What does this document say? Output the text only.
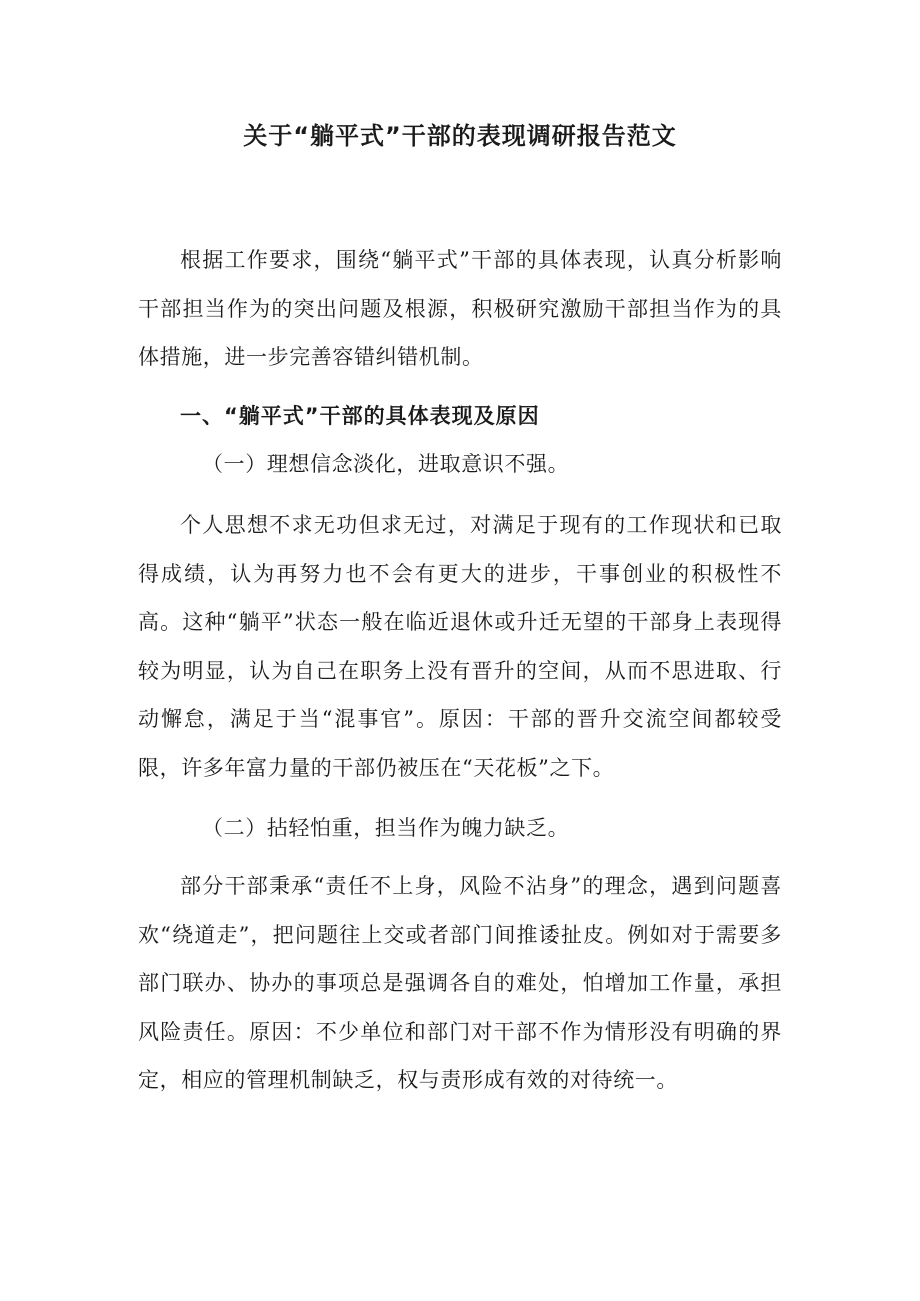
关于“躺平式”干部的表现调研报告范文

根据工作要求，围绕“躺平式”干部的具体表现，认真分析影响干部担当作为的突出问题及根源，积极研究激励干部担当作为的具体措施，进一步完善容错纠错机制。

一、“躺平式”干部的具体表现及原因
（一）理想信念淡化，进取意识不强。

个人思想不求无功但求无过，对满足于现有的工作现状和已取得成绩，认为再努力也不会有更大的进步，干事创业的积极性不高。这种“躺平”状态一般在临近退休或升迁无望的干部身上表现得较为明显，认为自己在职务上没有晋升的空间，从而不思进取、行动懈怠，满足于当“混事官”。原因：干部的晋升交流空间都较受限，许多年富力量的干部仍被压在“天花板”之下。

（二）拈轻怕重，担当作为魄力缺乏。

部分干部秉承“责任不上身，风险不沾身”的理念，遇到问题喜欢“绕道走”，把问题往上交或者部门间推诿扯皮。例如对于需要多部门联办、协办的事项总是强调各自的难处，怕增加工作量，承担风险责任。原因：不少单位和部门对干部不作为情形没有明确的界定，相应的管理机制缺乏，权与责形成有效的对待统一。
